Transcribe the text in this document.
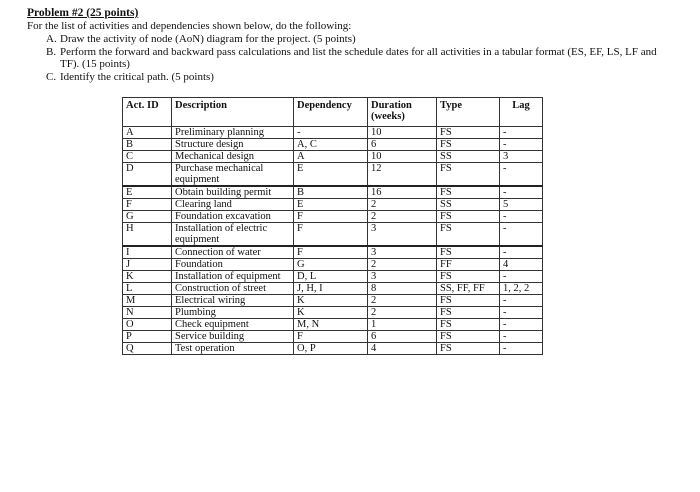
Problem #2 (25 points)
For the list of activities and dependencies shown below, do the following:
A. Draw the activity of node (AoN) diagram for the project. (5 points)
B. Perform the forward and backward pass calculations and list the schedule dates for all activities in a tabular format (ES, EF, LS, LF and TF). (15 points)
C. Identify the critical path. (5 points)
Act. ID	Description	Dependency	Duration (weeks)	Type	Lag
A	Preliminary planning	-	10	FS	-
B	Structure design	A, C	6	FS	-
C	Mechanical design	A	10	SS	3
D	Purchase mechanical equipment	E	12	FS	-
E	Obtain building permit	B	16	FS	-
F	Clearing land	E	2	SS	5
G	Foundation excavation	F	2	FS	-
H	Installation of electric equipment	F	3	FS	-
I	Connection of water	F	3	FS	-
J	Foundation	G	2	FF	4
K	Installation of equipment	D, L	3	FS	-
L	Construction of street	J, H, I	8	SS, FF, FF	1, 2, 2
M	Electrical wiring	K	2	FS	-
N	Plumbing	K	2	FS	-
O	Check equipment	M, N	1	FS	-
P	Service building	F	6	FS	-
Q	Test operation	O, P	4	FS	-
